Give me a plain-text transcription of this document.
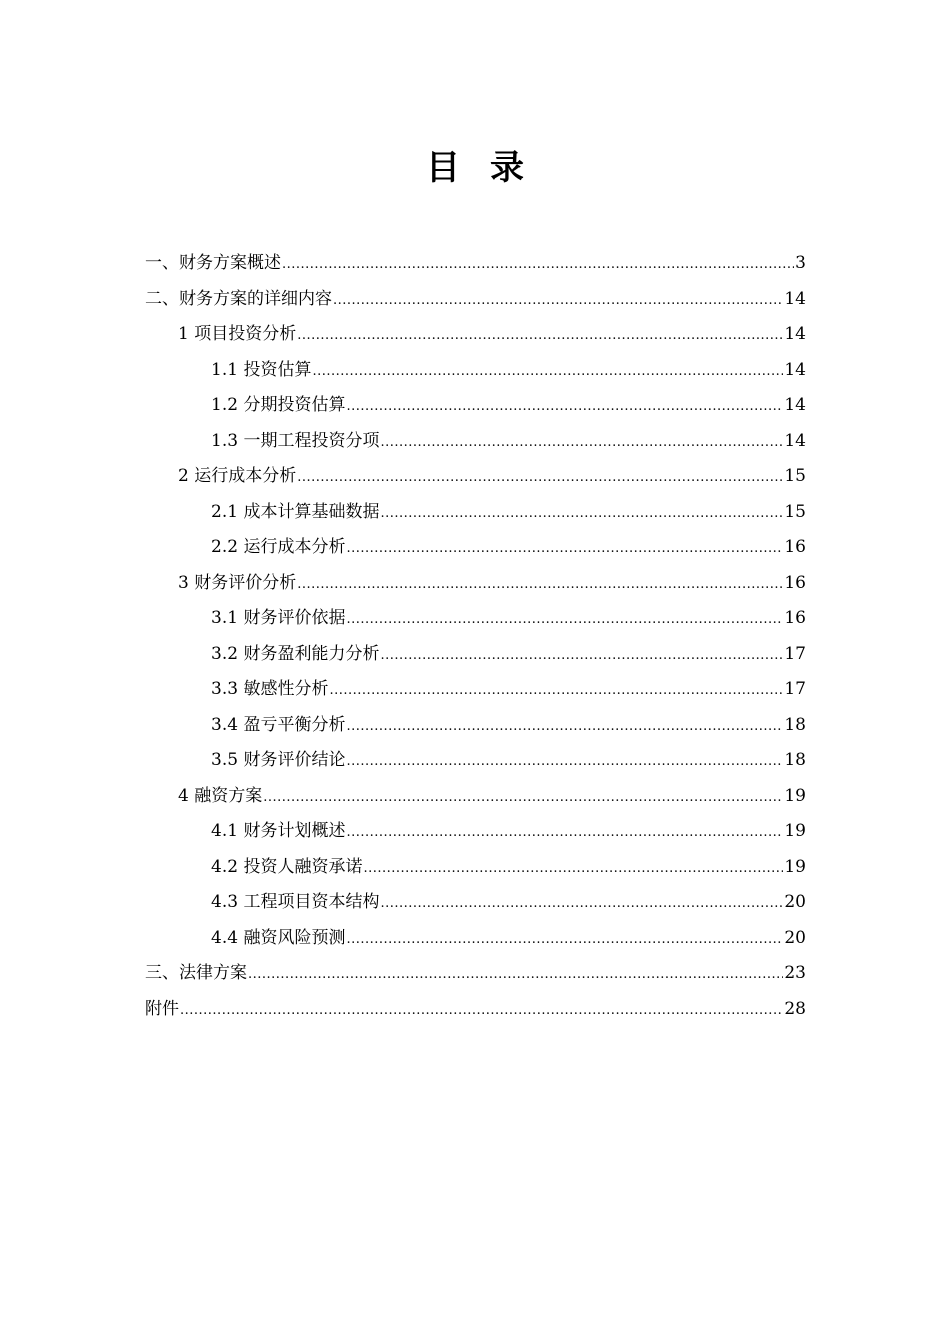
目 录
一、财务方案概述 .....	3
二、财务方案的详细内容 .....	14
1 项目投资分析 .....	14
1.1 投资估算 .....	14
1.2 分期投资估算 .....	14
1.3 一期工程投资分项 .....	14
2 运行成本分析 .....	15
2.1 成本计算基础数据 .....	15
2.2 运行成本分析 .....	16
3 财务评价分析 .....	16
3.1 财务评价依据 .....	16
3.2 财务盈利能力分析 .....	17
3.3 敏感性分析 .....	17
3.4 盈亏平衡分析 .....	18
3.5 财务评价结论 .....	18
4 融资方案 .....	19
4.1 财务计划概述 .....	19
4.2 投资人融资承诺 .....	19
4.3 工程项目资本结构 .....	20
4.4 融资风险预测 .....	20
三、法律方案 .....	23
附件 .....	28
